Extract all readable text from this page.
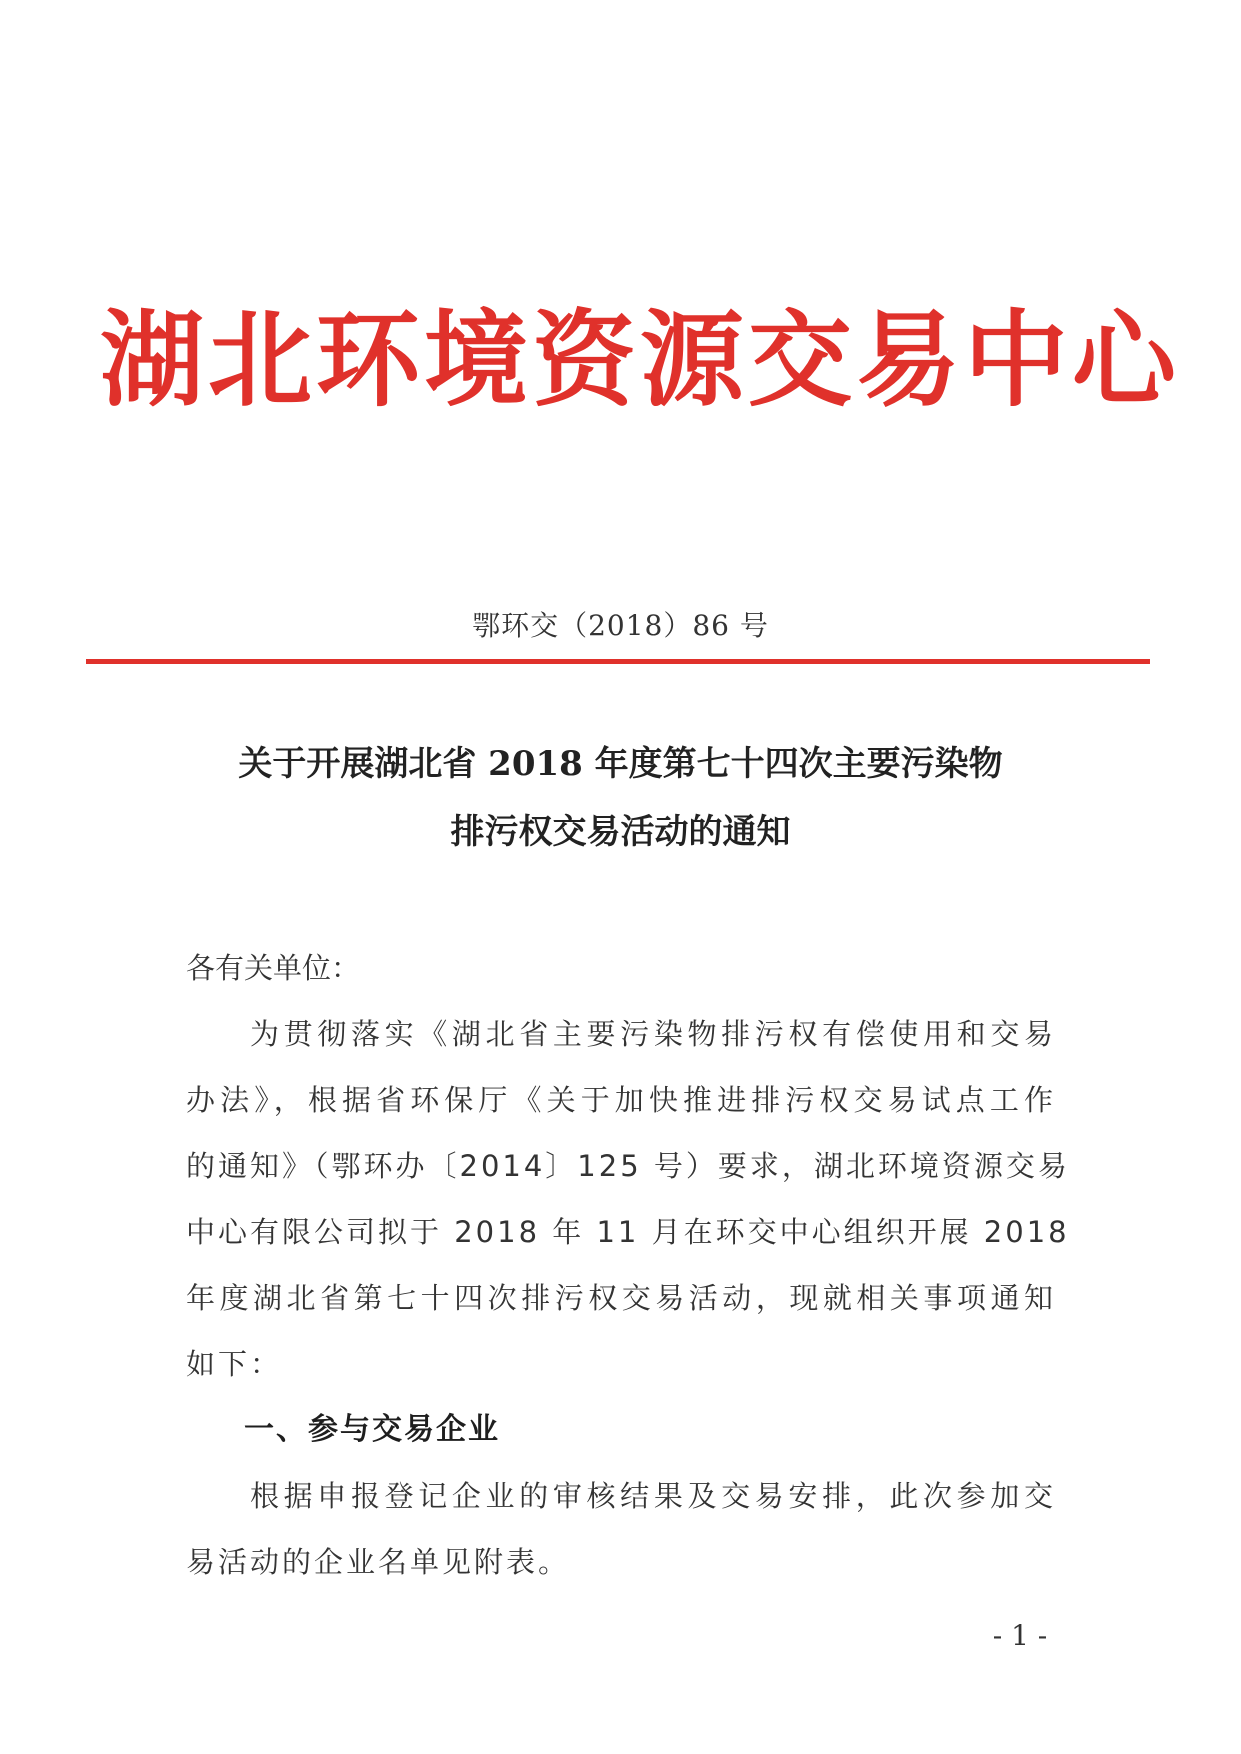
湖北环境资源交易中心
鄂环交（2018）86 号
关于开展湖北省 2018 年度第七十四次主要污染物
排污权交易活动的通知
各有关单位：
为贯彻落实《湖北省主要污染物排污权有偿使用和交易
办法》，根据省环保厅《关于加快推进排污权交易试点工作
的通知》（鄂环办〔2014〕125 号）要求，湖北环境资源交易
中心有限公司拟于 2018 年 11 月在环交中心组织开展 2018
年度湖北省第七十四次排污权交易活动，现就相关事项通知
如下：
一、参与交易企业
根据申报登记企业的审核结果及交易安排，此次参加交
易活动的企业名单见附表。
- 1 -
